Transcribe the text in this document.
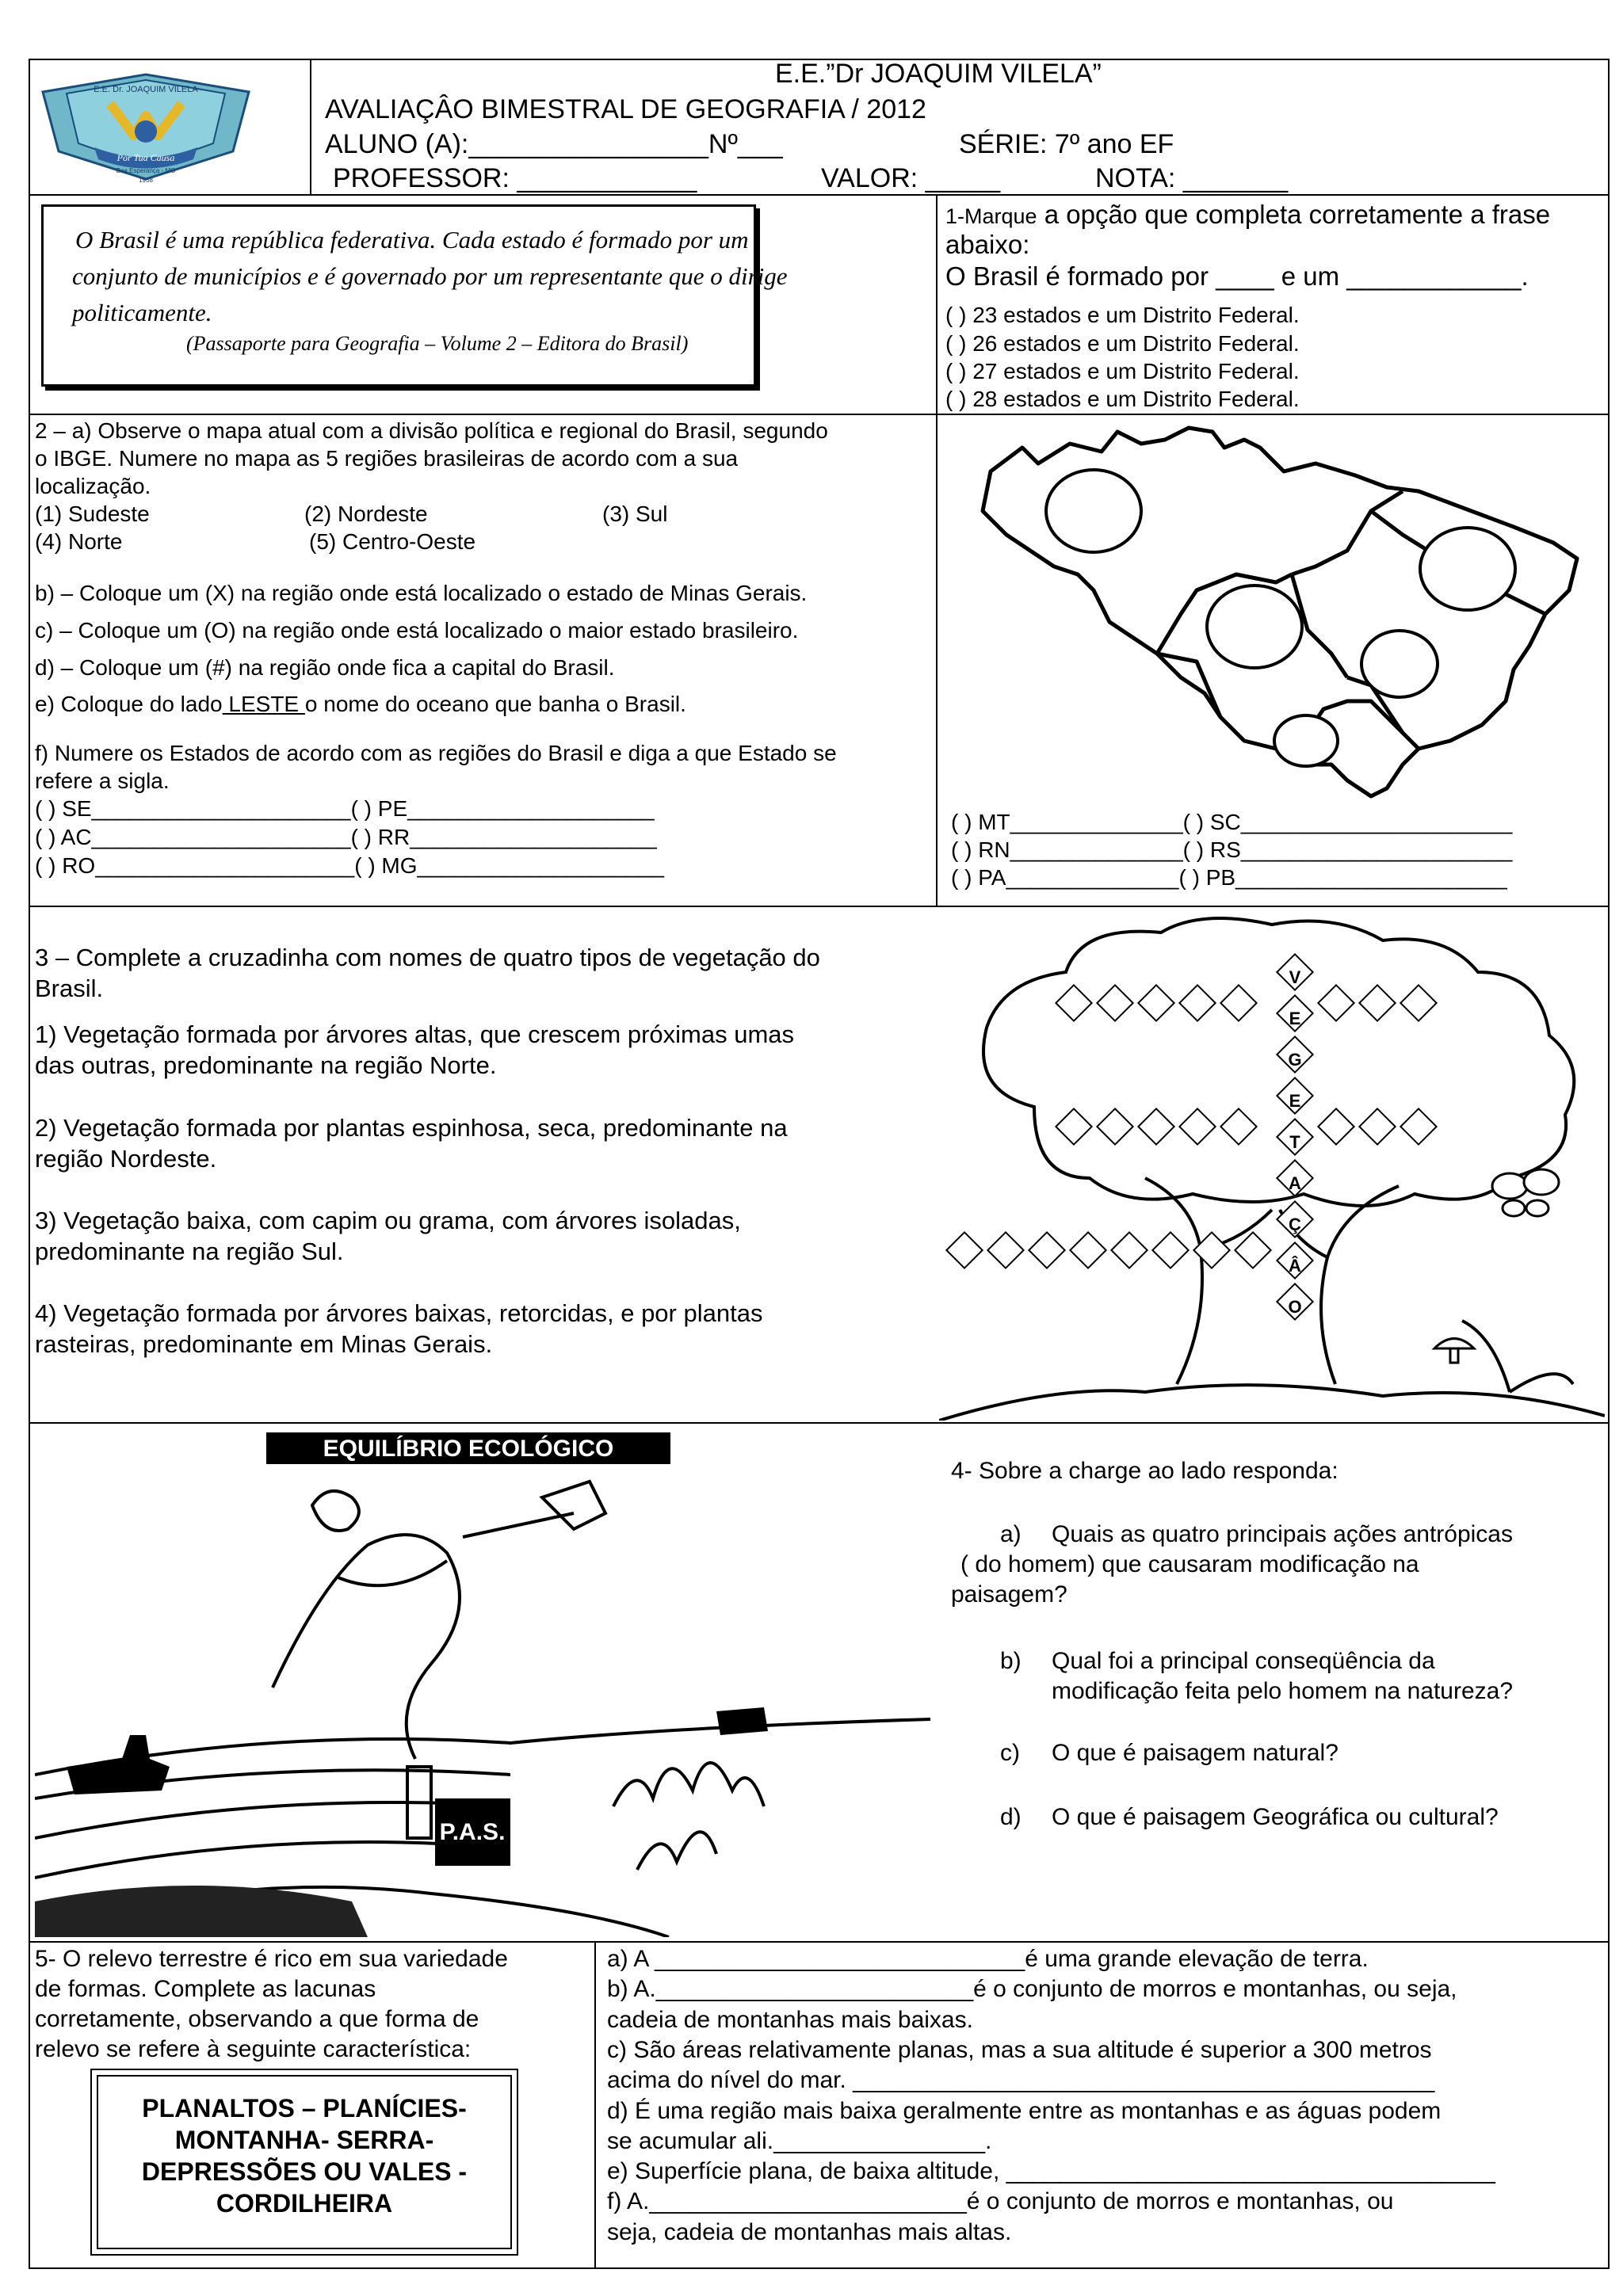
E.E. Dr. JOAQUIM VILELA
Por Tua Causa
Boa Esperança - MG
1958
E.E.”Dr JOAQUIM VILELA”
AVALIAÇÂO BIMESTRAL DE GEOGRAFIA / 2012
ALUNO (A):________________Nº___	SÉRIE: 7º ano EF
PROFESSOR: ____________	VALOR: _____	NOTA: _______
O Brasil é uma república federativa. Cada estado é formado por um
conjunto de municípios e é governado por um representante que o dirige
politicamente.
(Passaporte para Geografia – Volume 2 – Editora do Brasil)
1-Marque a opção que completa corretamente a frase
abaixo:
O Brasil é formado por ____ e um ____________.
( ) 23 estados e um Distrito Federal.
( ) 26 estados e um Distrito Federal.
( ) 27 estados e um Distrito Federal.
( ) 28 estados e um Distrito Federal.
2 – a) Observe o mapa atual com a divisão política e regional do Brasil, segundo
o IBGE. Numere no mapa as 5 regiões brasileiras de acordo com a sua
localização.
(1) Sudeste	(2) Nordeste	(3) Sul
(4) Norte	(5) Centro-Oeste
b) – Coloque um (X) na região onde está localizado o estado de Minas Gerais.
c) – Coloque um (O) na região onde está localizado o maior estado brasileiro.
d) – Coloque um (#) na região onde fica a capital do Brasil.
e) Coloque do lado LESTE o nome do oceano que banha o Brasil.
f) Numere os Estados de acordo com as regiões do Brasil e diga a que Estado se
refere a sigla.
( ) SE_____________________( ) PE____________________
( ) AC_____________________( ) RR____________________
( ) RO_____________________( ) MG____________________
( ) MT______________( ) SC______________________
( ) RN______________( ) RS______________________
( ) PA______________( ) PB______________________
3 – Complete a cruzadinha com nomes de quatro tipos de vegetação do
Brasil.
1) Vegetação formada por árvores altas, que crescem próximas umas
das outras, predominante na região Norte.
2) Vegetação formada por plantas espinhosa, seca, predominante na
região Nordeste.
3) Vegetação baixa, com capim ou grama, com árvores isoladas,
predominante na região Sul.
4) Vegetação formada por árvores baixas, retorcidas, e por plantas
rasteiras, predominante em Minas Gerais.
V
E
G
E
T
A
Ç
Â
O
EQUILÍBRIO ECOLÓGICO
P.A.S.
4- Sobre a charge ao lado responda:
a) Quais as quatro principais ações antrópicas
( do homem) que causaram modificação na
paisagem?
b) Qual foi a principal conseqüência da
modificação feita pelo homem na natureza?
c) O que é paisagem natural?
d) O que é paisagem Geográfica ou cultural?
5- O relevo terrestre é rico em sua variedade
de formas. Complete as lacunas
corretamente, observando a que forma de
relevo se refere à seguinte característica:
PLANALTOS – PLANÍCIES-
MONTANHA- SERRA-
DEPRESSÕES OU VALES -
CORDILHEIRA
a) A ____________________________é uma grande elevação de terra.
b) A.________________________é o conjunto de morros e montanhas, ou seja,
cadeia de montanhas mais baixas.
c) São áreas relativamente planas, mas a sua altitude é superior a 300 metros
acima do nível do mar. ____________________________________________
d) É uma região mais baixa geralmente entre as montanhas e as águas podem
se acumular ali.________________.
e) Superfície plana, de baixa altitude, _____________________________________
f) A.________________________é o conjunto de morros e montanhas, ou
seja, cadeia de montanhas mais altas.
